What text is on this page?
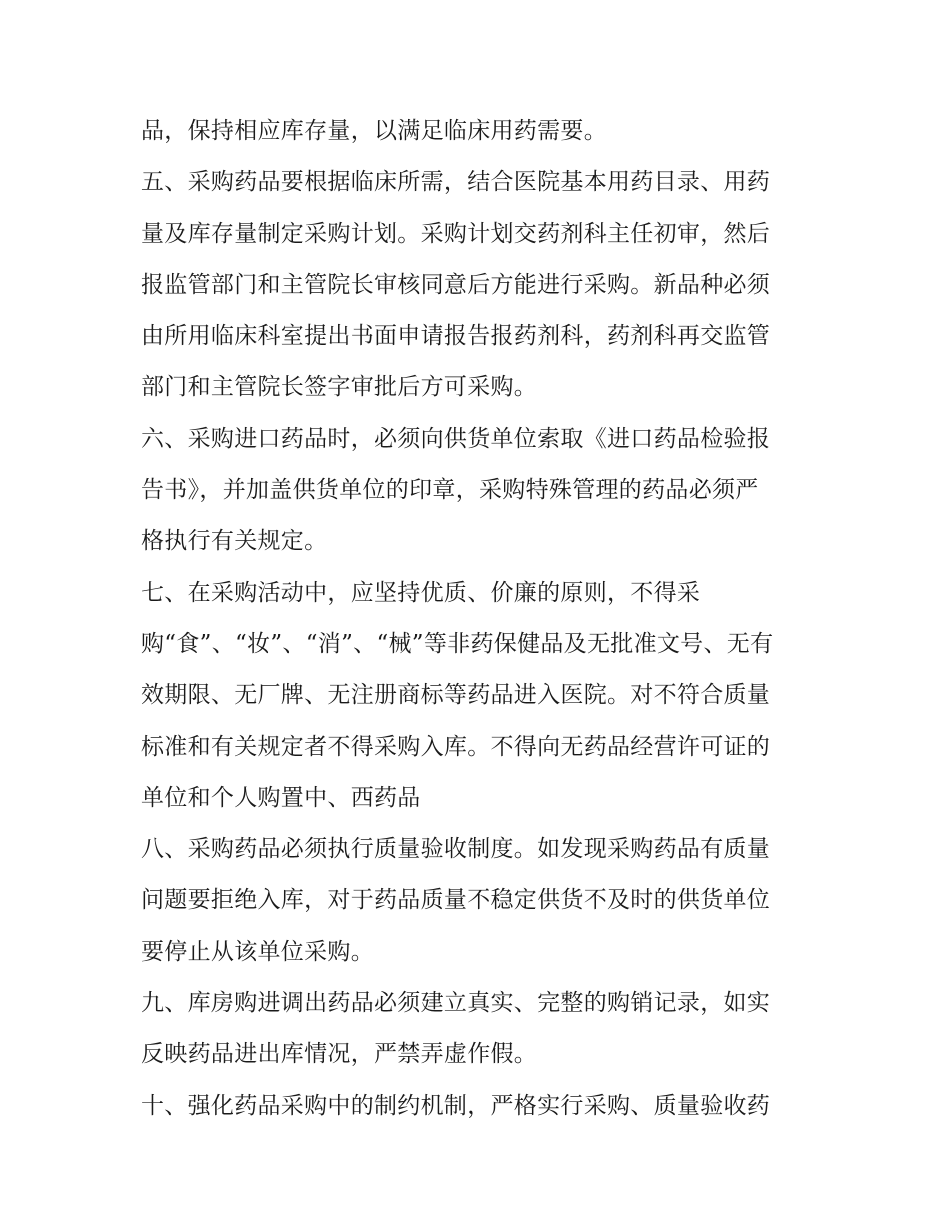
品，保持相应库存量，以满足临床用药需要。
五、采购药品要根据临床所需，结合医院基本用药目录、用药
量及库存量制定采购计划。采购计划交药剂科主任初审，然后
报监管部门和主管院长审核同意后方能进行采购。新品种必须
由所用临床科室提出书面申请报告报药剂科，药剂科再交监管
部门和主管院长签字审批后方可采购。
六、采购进口药品时，必须向供货单位索取《进口药品检验报
告书》，并加盖供货单位的印章，采购特殊管理的药品必须严
格执行有关规定。
七、在采购活动中，应坚持优质、价廉的原则，不得采
购“食”、“妆”、“消”、“械”等非药保健品及无批准文号、无有
效期限、无厂牌、无注册商标等药品进入医院。对不符合质量
标准和有关规定者不得采购入库。不得向无药品经营许可证的
单位和个人购置中、西药品
八、采购药品必须执行质量验收制度。如发现采购药品有质量
问题要拒绝入库，对于药品质量不稳定供货不及时的供货单位
要停止从该单位采购。
九、库房购进调出药品必须建立真实、完整的购销记录，如实
反映药品进出库情况，严禁弄虚作假。
十、强化药品采购中的制约机制，严格实行采购、质量验收药
